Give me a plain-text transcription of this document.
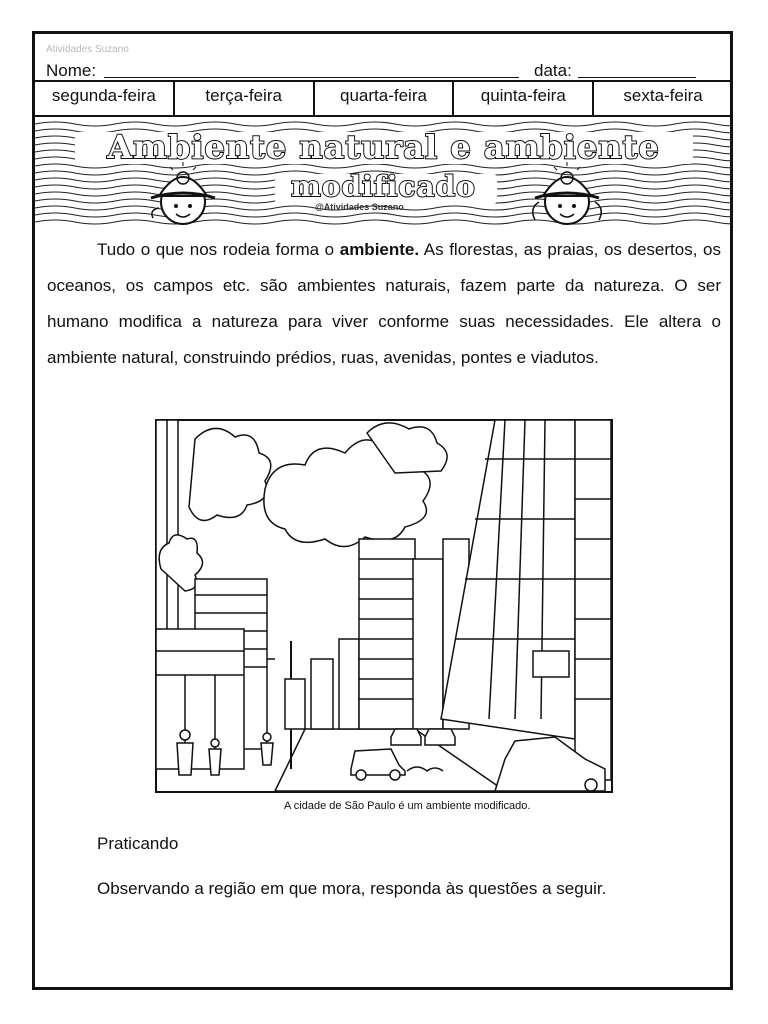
Atividades Suzano
Nome:	data:
segunda-feira	terça-feira	quarta-feira	quinta-feira	sexta-feira
Ambiente natural e ambiente
modificado
@Atividades Suzano

Tudo o que nos rodeia forma o ambiente. As florestas, as praias, os desertos, os oceanos, os campos etc. são ambientes naturais, fazem parte da natureza. O ser humano modifica a natureza para viver conforme suas necessidades. Ele altera o ambiente natural, construindo prédios, ruas, avenidas, pontes e viadutos.

A cidade de São Paulo é um ambiente modificado.
Praticando
Observando a região em que mora, responda às questões a seguir.
